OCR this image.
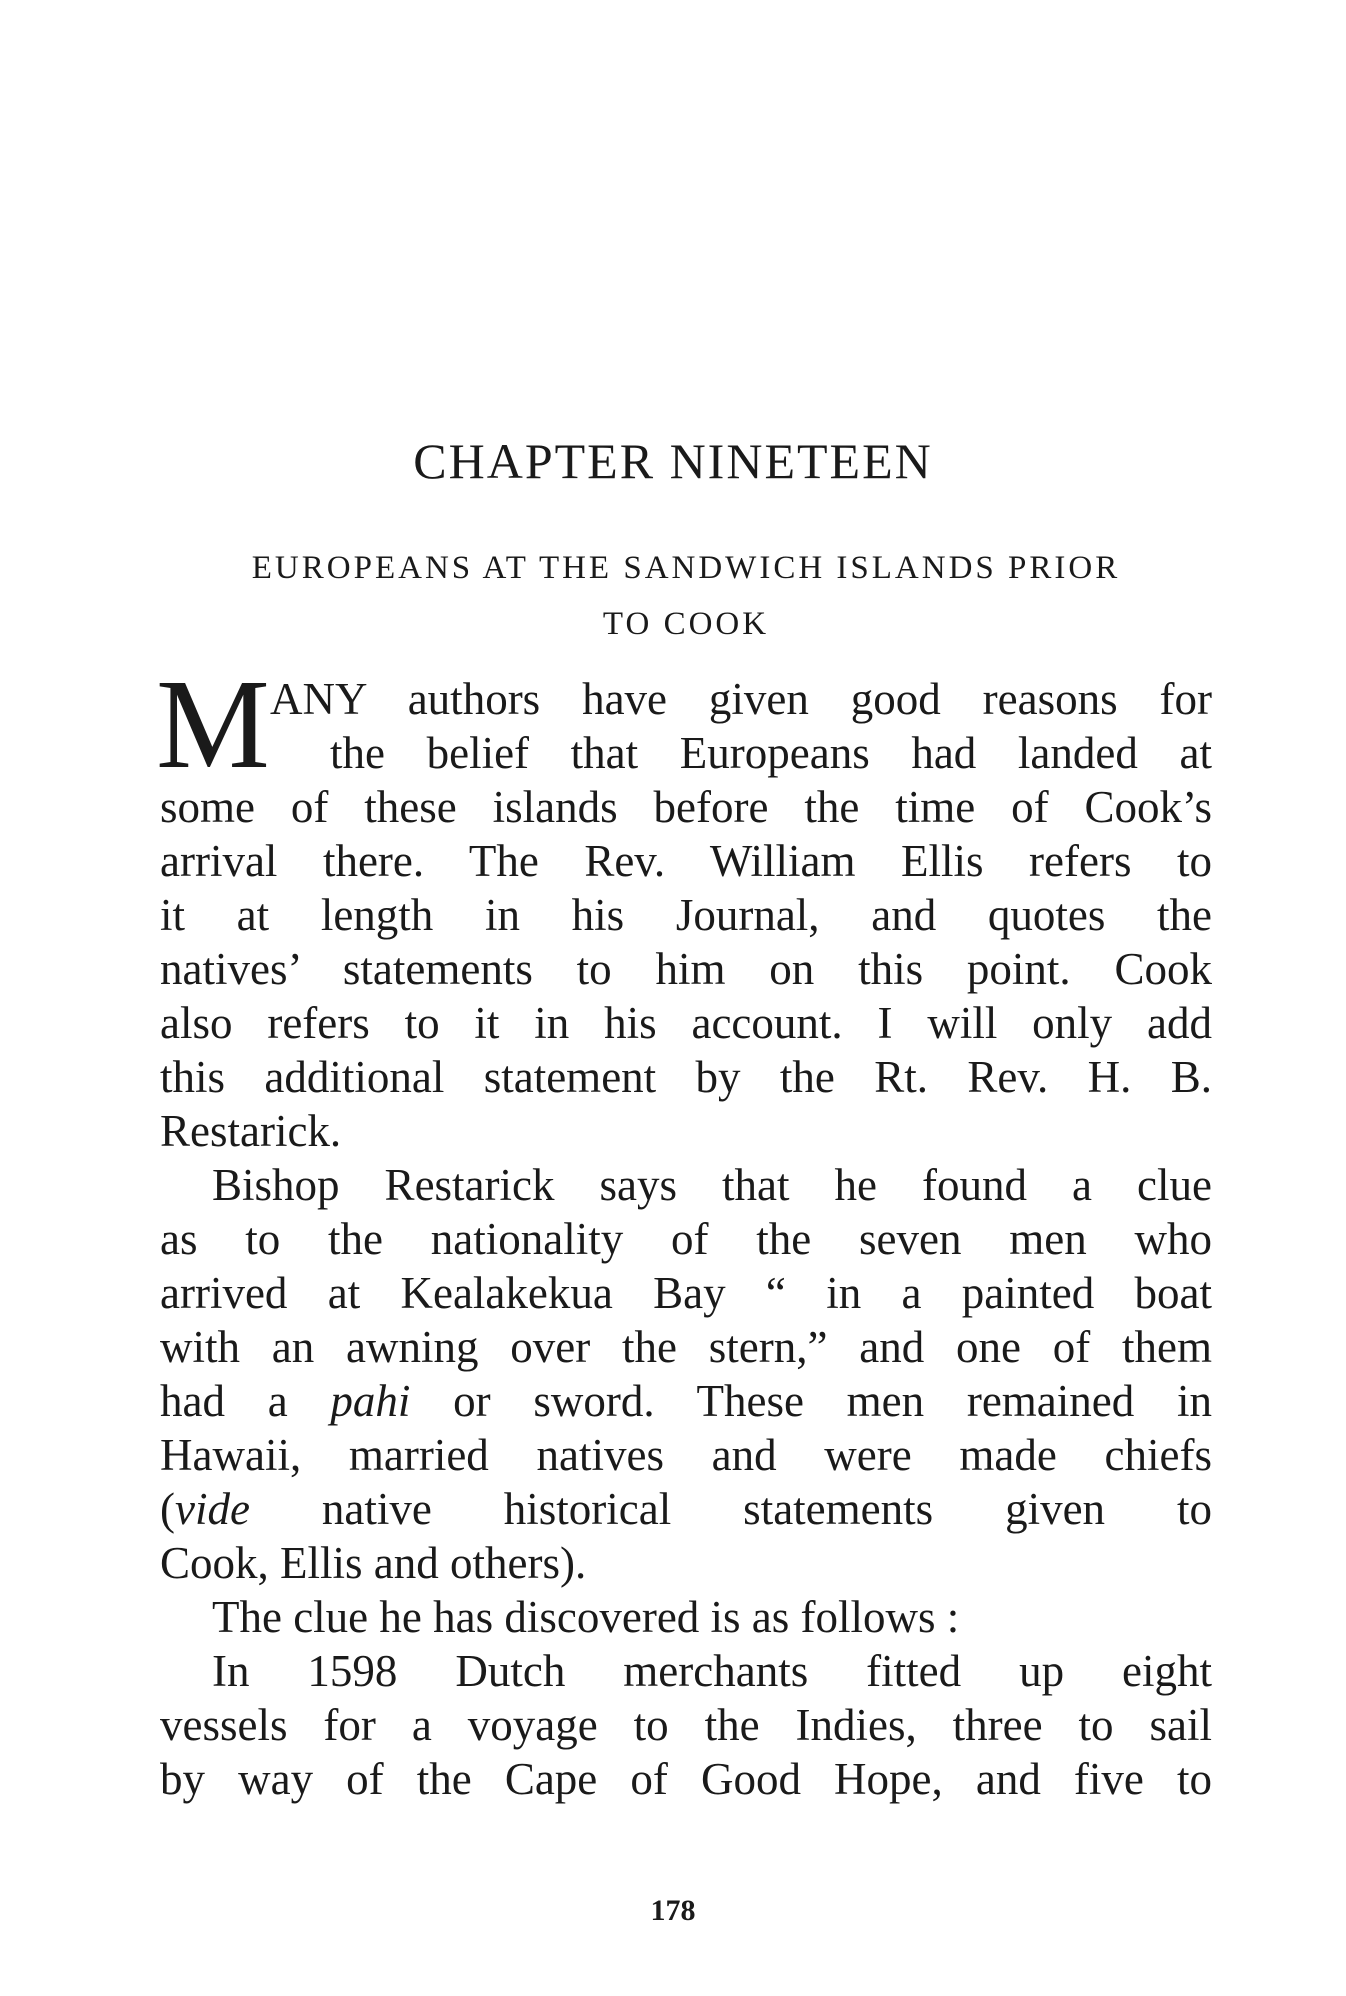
CHAPTER NINETEEN
EUROPEANS AT THE SANDWICH ISLANDS PRIOR
TO COOK
M ANY authors have given good reasons for
the belief that Europeans had landed at
some of these islands before the time of Cook’s
arrival there. The Rev. William Ellis refers to
it at length in his Journal, and quotes the
natives’ statements to him on this point. Cook
also refers to it in his account. I will only add
this additional statement by the Rt. Rev. H. B.
Restarick.
Bishop Restarick says that he found a clue
as to the nationality of the seven men who
arrived at Kealakekua Bay “ in a painted boat
with an awning over the stern,” and one of them
had a pahi or sword. These men remained in
Hawaii, married natives and were made chiefs
(vide native historical statements given to
Cook, Ellis and others).
The clue he has discovered is as follows :
In 1598 Dutch merchants fitted up eight
vessels for a voyage to the Indies, three to sail
by way of the Cape of Good Hope, and five to
178
